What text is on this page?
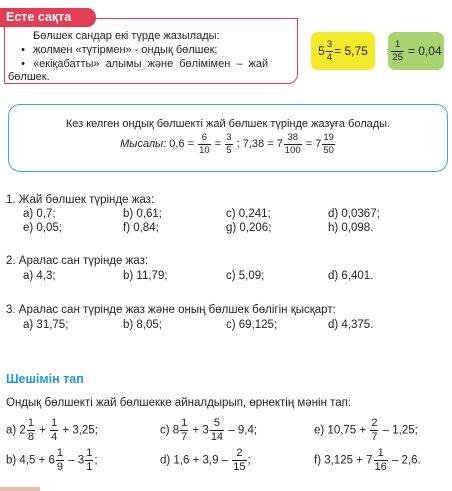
Есте сақта
Бөлшек сандар екі түрде жазылады:
• жолмен «түтірмен» - ондық бөлшек;
• «екіқабатты» алымы және бөлімімен – жай
бөлшек.
$5 \frac{3}{4} = 5,75 \frac{1}{25} = 0,04$
Кез келген ондық бөлшекті жай бөлшек түрінде жазуға болады.
Мысалы: $0,6 = \frac{6}{10} = \frac{3}{5}$ ; $7,38 = 7 \frac{38}{100} = 7 \frac{19}{50}$
1. Жай бөлшек түрінде жаз:
a) 0,7;	b) 0,61;	c) 0,241;	d) 0,0367;
e) 0,05;	f) 0,84;	g) 0,206;	h) 0,098.
2. Аралас сан түрінде жаз:
a) 4,3;	b) 11,79;	c) 5,09;	d) 6,401.
3. Аралас сан түрінде жаз және оның бөлшек бөлігін қысқарт:
a) 31,75;	b) 8,05;	c) 69,125;	d) 4,375.
Шешімін тап
Ондық бөлшекті жай бөлшекке айналдырып, өрнектің мәнін тап:
a) $2 \frac{1}{8} + \frac{1}{4} + 3,25$;	c) $8 \frac{1}{7} + 3 \frac{5}{14} - 9,4$;	e) $10,75 + \frac{2}{7} - 1,25$;
b) $4,5 + 6 \frac{1}{9} - 3 \frac{1}{1}$ ;	d) $1,6 + 3,9 - \frac{2}{15}$ ;	f) $3,125 + 7 \frac{1}{16} - 2,6$.
